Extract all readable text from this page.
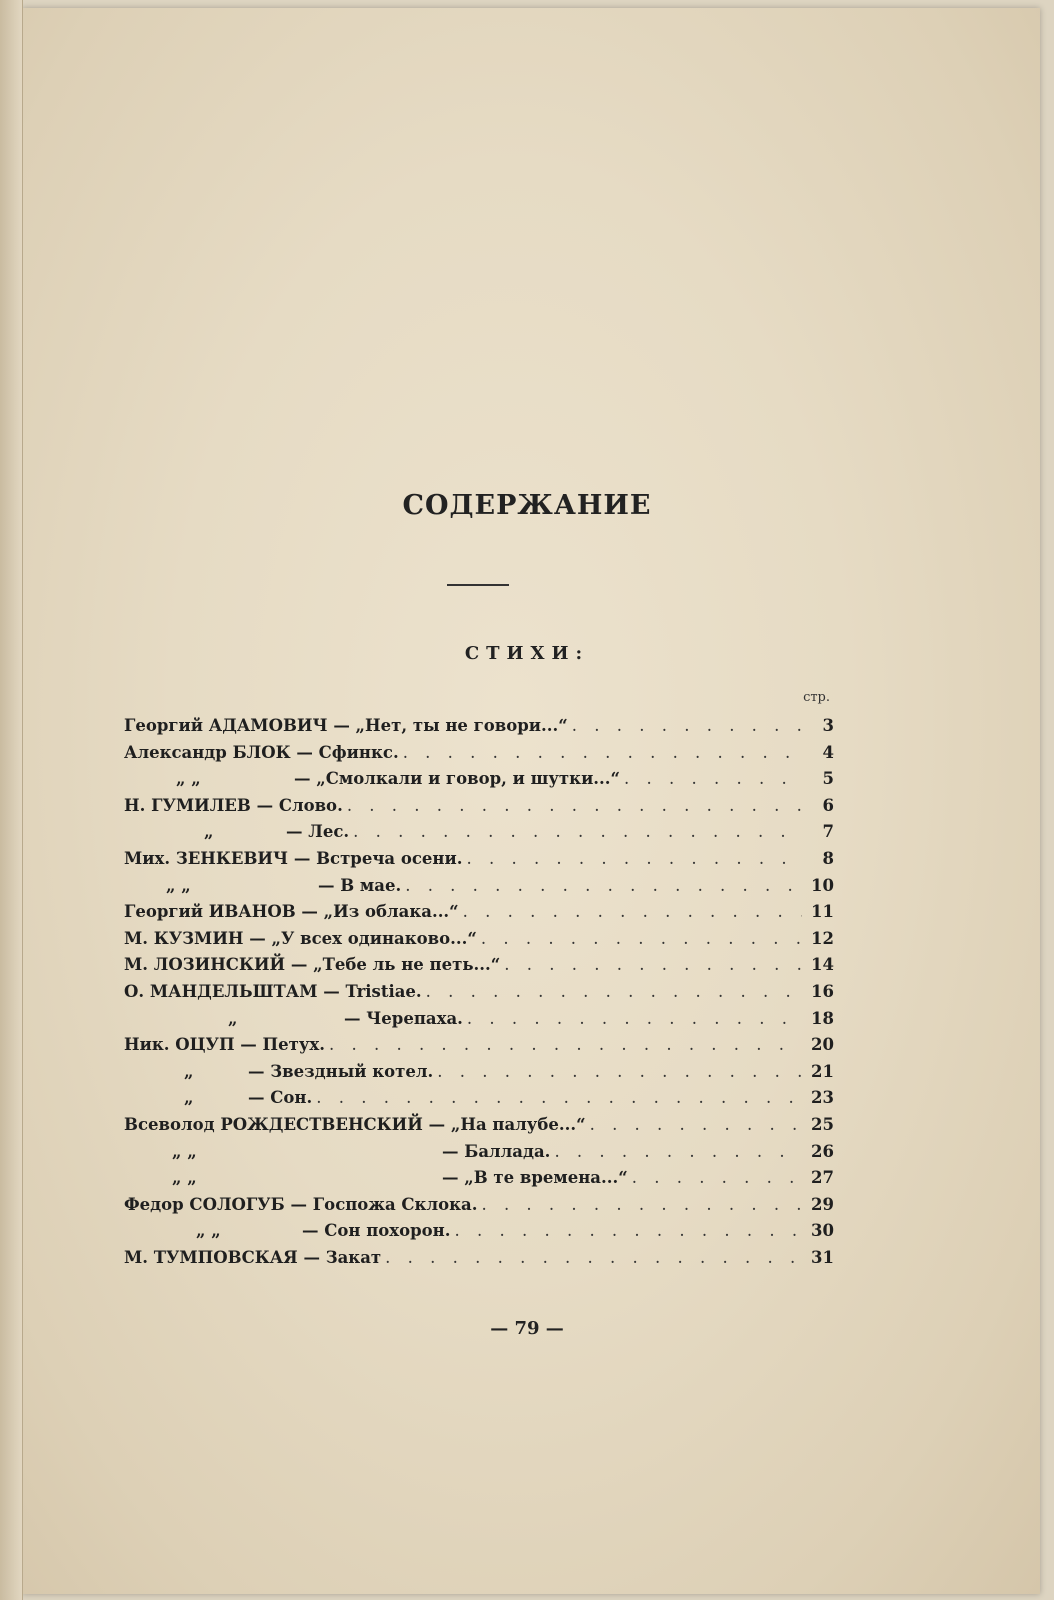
СОДЕРЖАНИЕ
СТИХИ:
стр.
Георгий АДАМОВИЧ
— „Нет, ты не говори...“ . . .	3
Александр БЛОК
— Сфинкс. . . .	4
„ „	— „Смолкали и говор, и шутки...“ . . .	5
Н. ГУМИЛЕВ
— Слово. . . .	6
„	— Лес. . . .	7
Мих. ЗЕНКЕВИЧ
— Встреча осени. . . .	8
„ „	— В мае. . . .	10
Георгий ИВАНОВ
— „Из облака...“ . . .	11
М. КУЗМИН
— „У всех одинаково...“ . . .	12
М. ЛОЗИНСКИЙ
— „Тебе ль не петь...“ . . .	14
О. МАНДЕЛЬШТАМ
— Tristiae. . . .	16
„	— Черепаха. . . .	18
Ник. ОЦУП
— Петух. . . .	20
„	— Звездный котел. . . .	21
„	— Сон. . . .	23
Всеволод РОЖДЕСТВЕНСКИЙ
— „На палубе...“ . . .	25
„ „	— Баллада. . . .	26
„ „	— „В те времена...“ . . .	27
Федор СОЛОГУБ
— Госпожа Склока. . . .	29
„ „	— Сон похорон. . . .	30
М. ТУМПОВСКАЯ
— Закат . . .	31
— 79 —
